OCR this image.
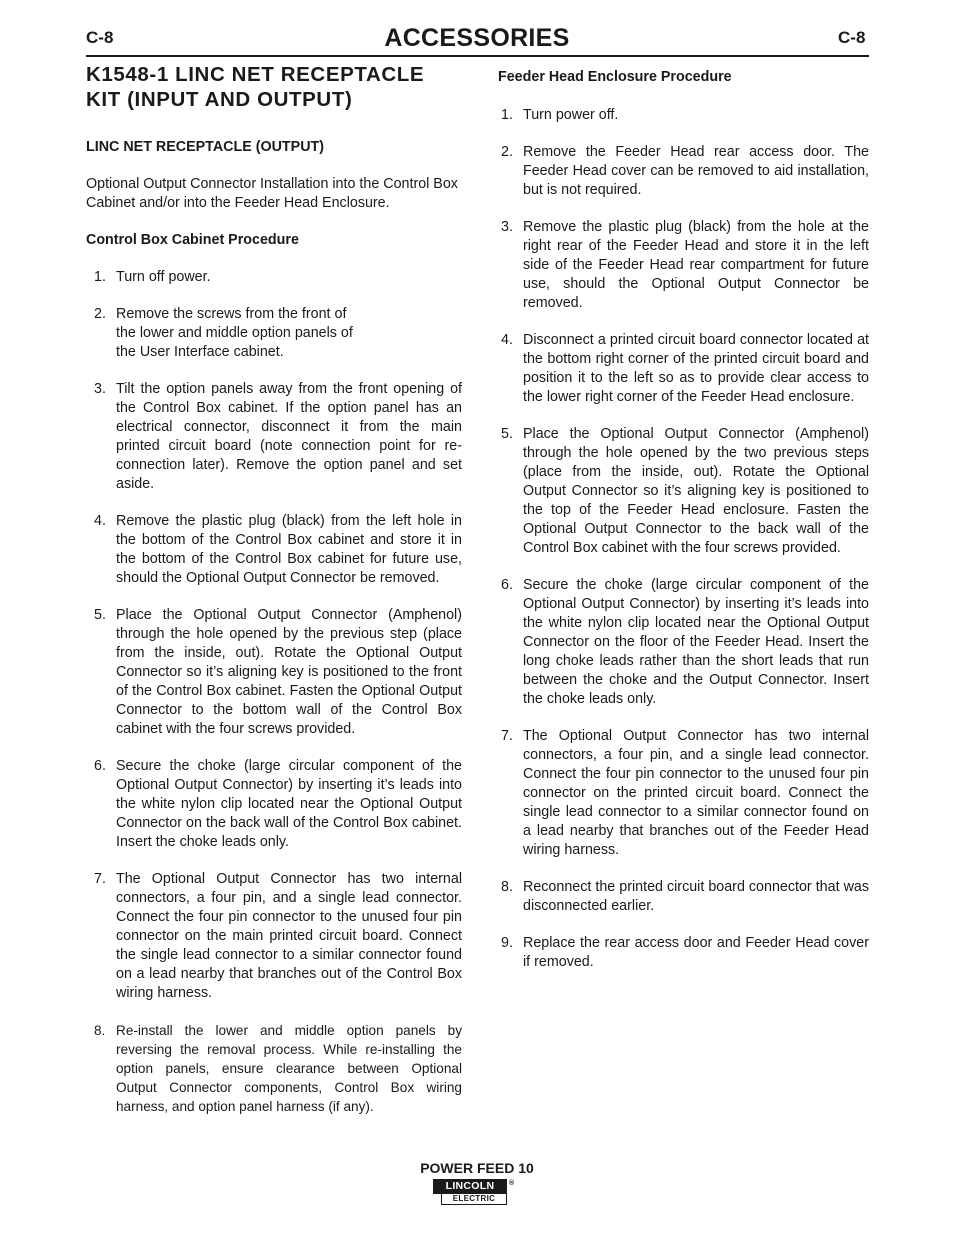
C-8	ACCESSORIES	C-8
K1548-1 LINC NET RECEPTACLE KIT (INPUT AND OUTPUT)

LINC NET RECEPTACLE (OUTPUT)

Optional Output Connector Installation into the Control Box Cabinet and/or into the Feeder Head Enclosure.

Control Box Cabinet Procedure

1. Turn off power.
2. Remove the screws from the front of the lower and middle option panels of the User Interface cabinet.
3. Tilt the option panels away from the front opening of the Control Box cabinet. If the option panel has an electrical connector, disconnect it from the main printed circuit board (note connection point for re-connection later). Remove the option panel and set aside.
4. Remove the plastic plug (black) from the left hole in the bottom of the Control Box cabinet and store it in the bottom of the Control Box cabinet for future use, should the Optional Output Connector be removed.
5. Place the Optional Output Connector (Amphenol) through the hole opened by the previous step (place from the inside, out). Rotate the Optional Output Connector so it’s aligning key is positioned to the front of the Control Box cabinet. Fasten the Optional Output Connector to the bottom wall of the Control Box cabinet with the four screws provided.
6. Secure the choke (large circular component of the Optional Output Connector) by inserting it’s leads into the white nylon clip located near the Optional Output Connector on the back wall of the Control Box cabinet. Insert the choke leads only.
7. The Optional Output Connector has two internal connectors, a four pin, and a single lead connector. Connect the four pin connector to the unused four pin connector on the main printed circuit board. Connect the single lead connector to a similar connector found on a lead nearby that branches out of the Control Box wiring harness.
8. Re-install the lower and middle option panels by reversing the removal process. While re-installing the option panels, ensure clearance between Optional Output Connector components, Control Box wiring harness, and option panel harness (if any).

Feeder Head Enclosure Procedure

1. Turn power off.
2. Remove the Feeder Head rear access door. The Feeder Head cover can be removed to aid installation, but is not required.
3. Remove the plastic plug (black) from the hole at the right rear of the Feeder Head and store it in the left side of the Feeder Head rear compartment for future use, should the Optional Output Connector be removed.
4. Disconnect a printed circuit board connector located at the bottom right corner of the printed circuit board and position it to the left so as to provide clear access to the lower right corner of the Feeder Head enclosure.
5. Place the Optional Output Connector (Amphenol) through the hole opened by the two previous steps (place from the inside, out). Rotate the Optional Output Connector so it’s aligning key is positioned to the top of the Feeder Head enclosure. Fasten the Optional Output Connector to the back wall of the Control Box cabinet with the four screws provided.
6. Secure the choke (large circular component of the Optional Output Connector) by inserting it’s leads into the white nylon clip located near the Optional Output Connector on the floor of the Feeder Head. Insert the long choke leads rather than the short leads that run between the choke and the Output Connector. Insert the choke leads only.
7. The Optional Output Connector has two internal connectors, a four pin, and a single lead connector. Connect the four pin connector to the unused four pin connector on the printed circuit board. Connect the single lead connector to a similar connector found on a lead nearby that branches out of the Feeder Head wiring harness.
8. Reconnect the printed circuit board connector that was disconnected earlier.
9. Replace the rear access door and Feeder Head cover if removed.
POWER FEED 10
LINCOLN
ELECTRIC
®
